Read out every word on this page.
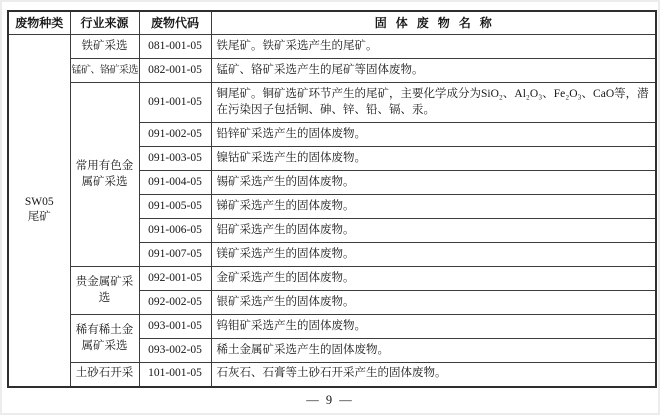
废物种类	行业来源	废物代码	固体废物名称

SW05
尾矿	铁矿采选	081-001-05	铁尾矿。铁矿采选产生的尾矿。
	锰矿、铬矿采选	082-001-05	锰矿、铬矿采选产生的尾矿等固体废物。
	常用有色金属矿采选	091-001-05	铜尾矿。铜矿选矿环节产生的尾矿，主要化学成分为SiO₂、Al₂O₃、Fe₂O₃、CaO等，潜在污染因子包括铜、砷、锌、铅、镉、汞。
		091-002-05	铅锌矿采选产生的固体废物。
		091-003-05	镍钴矿采选产生的固体废物。
		091-004-05	锡矿采选产生的固体废物。
		091-005-05	锑矿采选产生的固体废物。
		091-006-05	铝矿采选产生的固体废物。
		091-007-05	镁矿采选产生的固体废物。
	贵金属矿采选	092-001-05	金矿采选产生的固体废物。
		092-002-05	银矿采选产生的固体废物。
	稀有稀土金属矿采选	093-001-05	钨钼矿采选产生的固体废物。
		093-002-05	稀土金属矿采选产生的固体废物。
	土砂石开采	101-001-05	石灰石、石膏等土砂石开采产生的固体废物。
— 9 —
